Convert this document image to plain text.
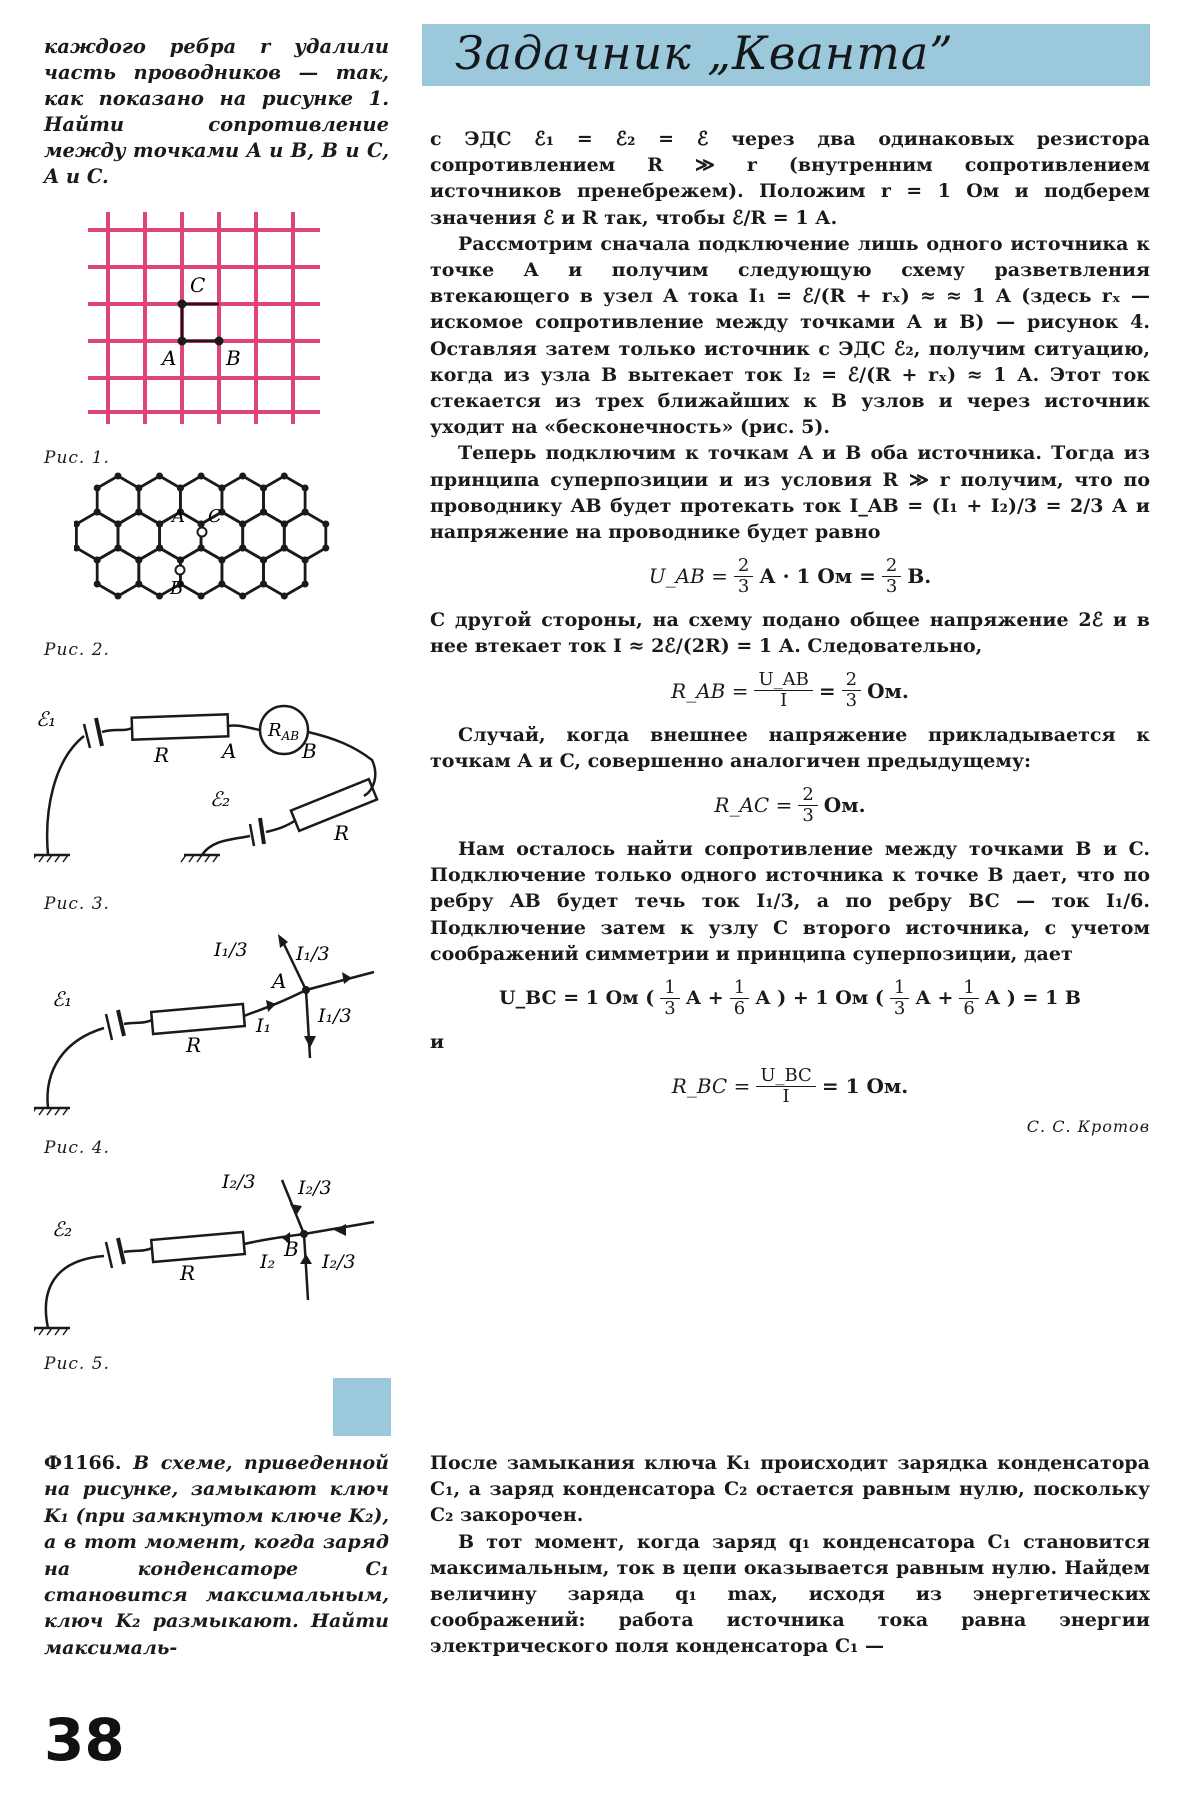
Задачник „Кванта”

каждого ребра r удалили часть проводников — так, как показано на рисунке 1. Найти сопротивление между точками A и B, B и C, A и C.

C
A B
Рис. 1.
A C
B
Рис. 2.
ℰ₁
R	A
$R_{AB}$
B
ℰ₂
R
Рис. 3.
ℰ₁
R
A
I₁
I₁/3	I₁/3
I₁/3
Рис. 4.
ℰ₂
R
B
I₂
I₂/3 I₂/3
I₂/3
Рис. 5.

с ЭДС ℰ₁ = ℰ₂ = ℰ через два одинаковых резистора сопротивлением R ≫ r (внутренним сопротивлением источников пренебрежем). Положим r = 1 Ом и подберем значения ℰ и R так, чтобы ℰ/R = 1 А.

Рассмотрим сначала подключение лишь одного источника к точке A и получим следующую схему разветвления втекающего в узел A тока I₁ = ℰ/(R + rₓ) ≈ ≈ 1 А (здесь rₓ — искомое сопротивление между точками A и B) — рисунок 4. Оставляя затем только источник с ЭДС ℰ₂, получим ситуацию, когда из узла B вытекает ток I₂ = ℰ/(R + rₓ) ≈ 1 А. Этот ток стекается из трех ближайших к B узлов и через источник уходит на «бесконечность» (рис. 5).

Теперь подключим к точкам A и B оба источника. Тогда из принципа суперпозиции и из условия R ≫ r получим, что по проводнику AB будет протекать ток I_AB = (I₁ + I₂)/3 = 2/3 А и напряжение на проводнике будет равно

U_AB = $\frac{2}{3}$ А · 1 Ом = $\frac{2}{3} В$.

С другой стороны, на схему подано общее напряжение 2ℰ и в нее втекает ток I ≈ 2ℰ/(2R) = 1 А. Следовательно,

R_AB = $\frac{U\_AB}{I} = \frac{2}{3}$ Ом.

Случай, когда внешнее напряжение прикладывается к точкам A и C, совершенно аналогичен предыдущему:

R_AC = $\frac{2}{3}$ Ом.

Нам осталось найти сопротивление между точками B и C. Подключение только одного источника к точке B дает, что по ребру AB будет течь ток I₁/3, а по ребру BC — ток I₁/6. Подключение затем к узлу C второго источника, с учетом соображений симметрии и принципа суперпозиции, дает

U_BC = 1 Ом ( $\frac{1}{3}$ $А + \frac{1}{6}$ А ) + 1 Ом ( $\frac{1}{3}$ $А + \frac{1}{6}$ А ) = 1 В

и

R_BC = $\frac{U\_BC}{I} = 1$ Ом.
С. С. Кротов

Ф1166. В схеме, приведенной на рисунке, замыкают ключ K₁ (при замкнутом ключе K₂), а в тот момент, когда заряд на конденсаторе C₁ становится максимальным, ключ K₂ размыкают. Найти максималь-

После замыкания ключа K₁ происходит зарядка конденсатора C₁, а заряд конденсатора C₂ остается равным нулю, поскольку C₂ закорочен.

В тот момент, когда заряд q₁ конденсатора C₁ становится максимальным, ток в цепи оказывается равным нулю. Найдем величину заряда q₁ max, исходя из энергетических соображений: работа источника тока равна энергии электрического поля конденсатора C₁ —

38
